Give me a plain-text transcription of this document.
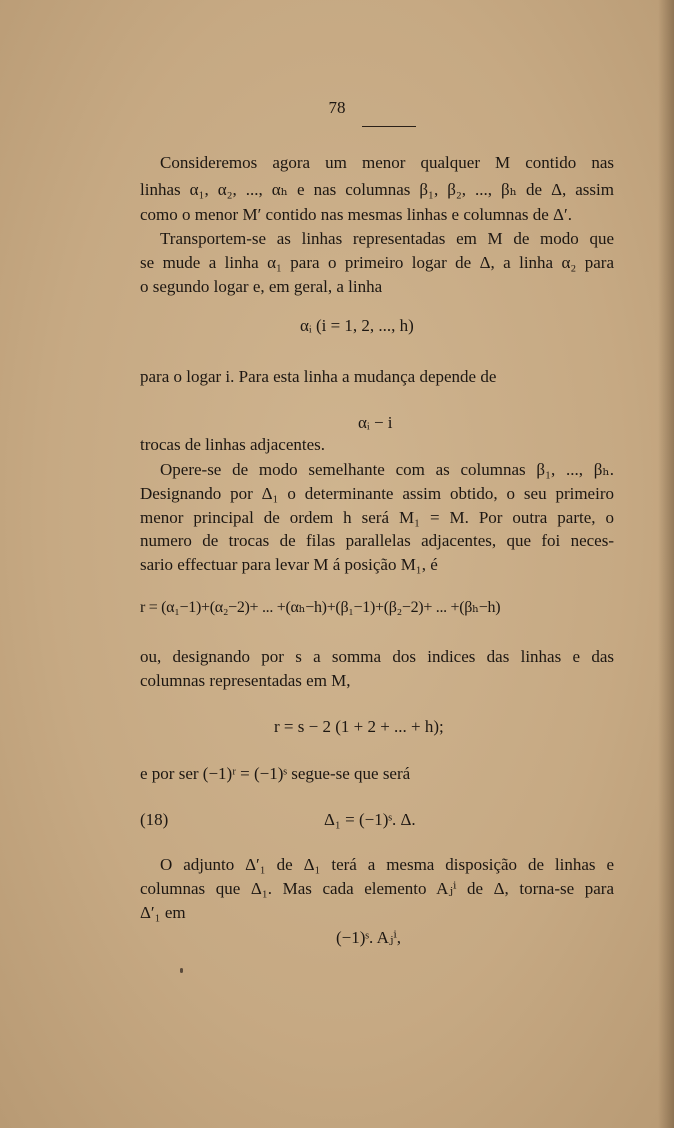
78
Consideremos agora um menor qualquer M contido nas
linhas α₁, α₂, ..., αₕ e nas columnas β₁, β₂, ..., βₕ de Δ, assim
como o menor M′ contido nas mesmas linhas e columnas de Δ′.
Transportem-se as linhas representadas em M de modo que
se mude a linha α₁ para o primeiro logar de Δ, a linha α₂ para
o segundo logar e, em geral, a linha
αᵢ (i = 1, 2, ..., h)
para o logar i. Para esta linha a mudança depende de
αᵢ − i
trocas de linhas adjacentes.
Opere-se de modo semelhante com as columnas β₁, ..., βₕ.
Designando por Δ₁ o determinante assim obtido, o seu primeiro
menor principal de ordem h será M₁ = M. Por outra parte, o
numero de trocas de filas parallelas adjacentes, que foi neces-
sario effectuar para levar M á posição M₁, é
r = (α₁−1)+(α₂−2)+ ... +(αₕ−h)+(β₁−1)+(β₂−2)+ ... +(βₕ−h)
ou, designando por s a somma dos indices das linhas e das
columnas representadas em M,
r = s − 2 (1 + 2 + ... + h);
e por ser (−1)ʳ = (−1)ˢ segue-se que será
(18)	Δ₁ = (−1)ˢ. Δ.
O adjunto Δ′₁ de Δ₁ terá a mesma disposição de linhas e
columnas que Δ₁. Mas cada elemento Aⱼⁱ de Δ, torna-se para
Δ′₁ em
(−1)ˢ. Aⱼⁱ,
